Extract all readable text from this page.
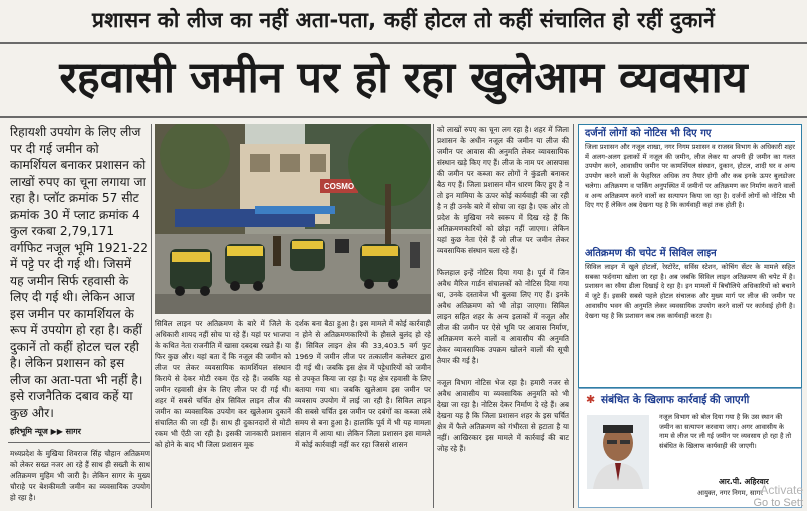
प्रशासन को लीज का नहीं अता-पता, कहीं होटल तो कहीं संचालित हो रहीं दुकानें
रहवासी जमीन पर हो रहा खुलेआम व्यवसाय
रिहायशी उपयोग के लिए लीज पर दी गई जमीन को कामर्शियल बनाकर प्रशासन को लाखों रुपए का चूना लगाया जा रहा है। प्लॉट क्रमांक 57 सीट क्रमांक 30 में प्लाट क्रमांक 4 कुल रकबा 2,79,171 वर्गफिट नजूल भूमि 1921-22 में पट्टे पर दी गई थी। जिसमें यह जमीन सिर्फ रहवासी के लिए दी गई थी। लेकिन आज इस जमीन पर कामर्शियल के रूप में उपयोग हो रहा है। कहीं दुकानें तो कहीं होटल चल रही है। लेकिन प्रशासन को इस लीज का अता-पता भी नहीं है। इसे राजनैतिक दबाव कहें या कुछ और।
हरिभूमि न्यूज ▶▶ सागर
मध्यप्रदेश के मुखिया शिवराज सिंह चौहान अतिक्रमण को लेकर सख्त नजर आ रहे हैं साथ ही सख्ती के साथ अतिक्रमण मुहिम भी जारी है। लेकिन सागर के मुख्य चौराहे पर बेशकीमती जमीन का व्यवसायिक उपयोग हो रहा है।
COSMO
सिविल लाइन पर अतिक्रमण के बारे में जिले के अधिकारी शायद नहीं सोच पा रहे हैं। यहां पर भाजपा के कथित नेता राजनीति में खासा दबदबा रखते हैं। या फिर कुछ और। यहां बता दें कि नजूल की जमीन को लीज पर लेकर व्यवसायिक कामर्शियल संस्थान किराये से देकर मोटी रकम ऐंठ रहे हैं। जबकि यह जमीन रहवासी क्षेत्र के लिए लीज पर दी गई थी। शहर में सबसे चर्चित क्षेत्र सिविल लाइन लीज की जमीन का व्यवसायिक उपयोग कर खुलेआम दुकानें संचालित की जा रही हैं। साथ ही दुकानदारों से मोटी रकम भी ऐंठी जा रही है। इसकी जानकारी प्रशासन को होने के बाद भी जिला प्रशासन मूक
दर्शक बना बैठा हुआ है। इस मामले में कोई कार्रवाही न होने से अतिक्रमणकारियों के हौसले बुलंद हो रहे हैं। सिविल लाइन क्षेत्र की 33,403.5 वर्ग फुट 1969 में जमीन लीज पर तत्कालीन कलेक्टर द्वारा दी गई थी। जबकि इस क्षेत्र में पट्टेधारियों को जमीन से उपकृत किया जा रहा है। यह क्षेत्र रहवासी के लिए बताया गया था। जबकि खुलेआम इस जमीन पर व्यवसाय उपयोग में लाई जा रही है। सिविल लाइन की सबसे चर्चित इस जमीन पर दबंगों का कब्जा लंबे समय से बना हुआ है। हालांकि पूर्व में भी यह मामला संज्ञान में आया था। लेकिन जिला प्रशासन इस मामले में कोई कार्रवाही नहीं कर रहा जिससे शासन
को लाखों रुपए का चूना लग रहा है। शहर में जिला प्रशासन के अधीन नजूल की जमीन या लीज की जमीन पर आवास की अनुमति लेकर व्यावसायिक संस्थान खड़े किए गए हैं। लीज के नाम पर आसपास की जमीन पर कब्जा कर लोगों ने कुंडली बनाकर बैठ गए हैं। जिला प्रशासन मौन धारण किए हुए है न तो इन मामिया के ऊपर कोई कार्यवाही की जा रही है न ही उनके बारे में सोचा जा रहा है। एक ओर तो प्रदेश के मुखिया नये स्वरूप में दिख रहे हैं कि अतिक्रमणकारियों को छोड़ा नहीं जाएगा। लेकिन यहां कुछ नेता ऐसे हैं जो लीज पर जमीन लेकर व्यवसायिक संस्थान चला रहे हैं।

फिलहाल इन्हें नोटिस दिया गया है। पूर्व में जिन अवैध मैरिज गार्डन संचालकों को नोटिस दिया गया था, उनके दस्तावेज भी बुलवा लिए गए हैं। इनके अवैध अतिक्रमण को भी तोड़ा जाएगा। सिविल लाइन सहित शहर के अन्य इलाकों में नजूल और लीज की जमीन पर ऐसे भूमि पर आवास निर्माण, अतिक्रमण करने वालों व आवासीय की अनुमति लेकर व्यावसायिक उपक्रम खोलने वालों की सूची तैयार की गई है।

नजूल विभाग नोटिस भेज रहा है। हमारी नजर से अवैध आवासीय या व्यवसायिक अनुमति को भी देखा जा रहा है। नोटिस देकर निर्माण दे रहे हैं। अब देखना यह है कि जिला प्रशासन शहर के इस चर्चित क्षेत्र में फैले अतिक्रमण को गंभीरता से हटाता है या नहीं। आखिरकार इस मामले में कार्रवाई की बाट जोह रहे हैं।
दर्जनों लोगों को नोटिस भी दिए गए
जिला प्रशासन और नजूल शाखा, नगर निगम प्रशासन व राजस्व विभाग के अधिकारी शहर में अलग-अलग इलाकों में नजूल की जमीन, लीज लेकर या अपनी ही जमीन का गलत उपयोग करने, आवासीय जमीन पर कामर्शियल संस्थान, दुकान, होटल, शादी घर व अन्य उपयोग करने वालों के फेहरिस्त अधिक तय तैयार होगी और कब इनके ऊपर बुलडोजर चलेगा। अतिक्रमण व पार्किंग अनुपस्थित में जमीनों पर अतिक्रमण कर निर्माण कराने वालों व अन्य अतिक्रमण करने वालों का सत्यापन किया जा रहा है। दर्जनों लोगों को नोटिस भी दिए गए हैं लेकिन अब देखना यह है कि कार्यवाही कहां तक होती है।
अतिक्रमण की चपेट में सिविल लाइन
सिविल लाइन में खुले होटलों, रेस्टोरेंट, सर्विस स्टेशन, कोचिंग सेंटर के मामले सहित सबका फर्दनामा खोला जा रहा है। अब जबकि सिविल लाइन अतिक्रमण की चपेट में है। प्रशासन का रवैया ढीला दिखाई दे रहा है। इन मामलों में बिचौलिये अधिकारियों को बचाने में जुटे हैं। इसकी सबसे पहले होटल संचालक और मुख्य मार्ग पर लीज की जमीन पर आवासीय भवन की अनुमति लेकर व्यवसायिक उपयोग करने वालों पर कार्रवाई होनी है। देखना यह है कि प्रशासन कब तक कार्यवाही करता है।
✱ संबंधित के खिलाफ कार्रवाई की जाएगी
नजूल विभाग को बोल दिया गया है कि उस स्थान की जमीन का सत्यापन करवाया जाए। अगर आवासीय के नाम से लीज पर ली गई जमीन पर व्यवसाय हो रहा है तो संबंधित के खिलाफ कार्यवाही की जाएगी।
आर.पी. अहिरवार
आयुक्त, नगर निगम, सागर
Activate
Go to Sett
